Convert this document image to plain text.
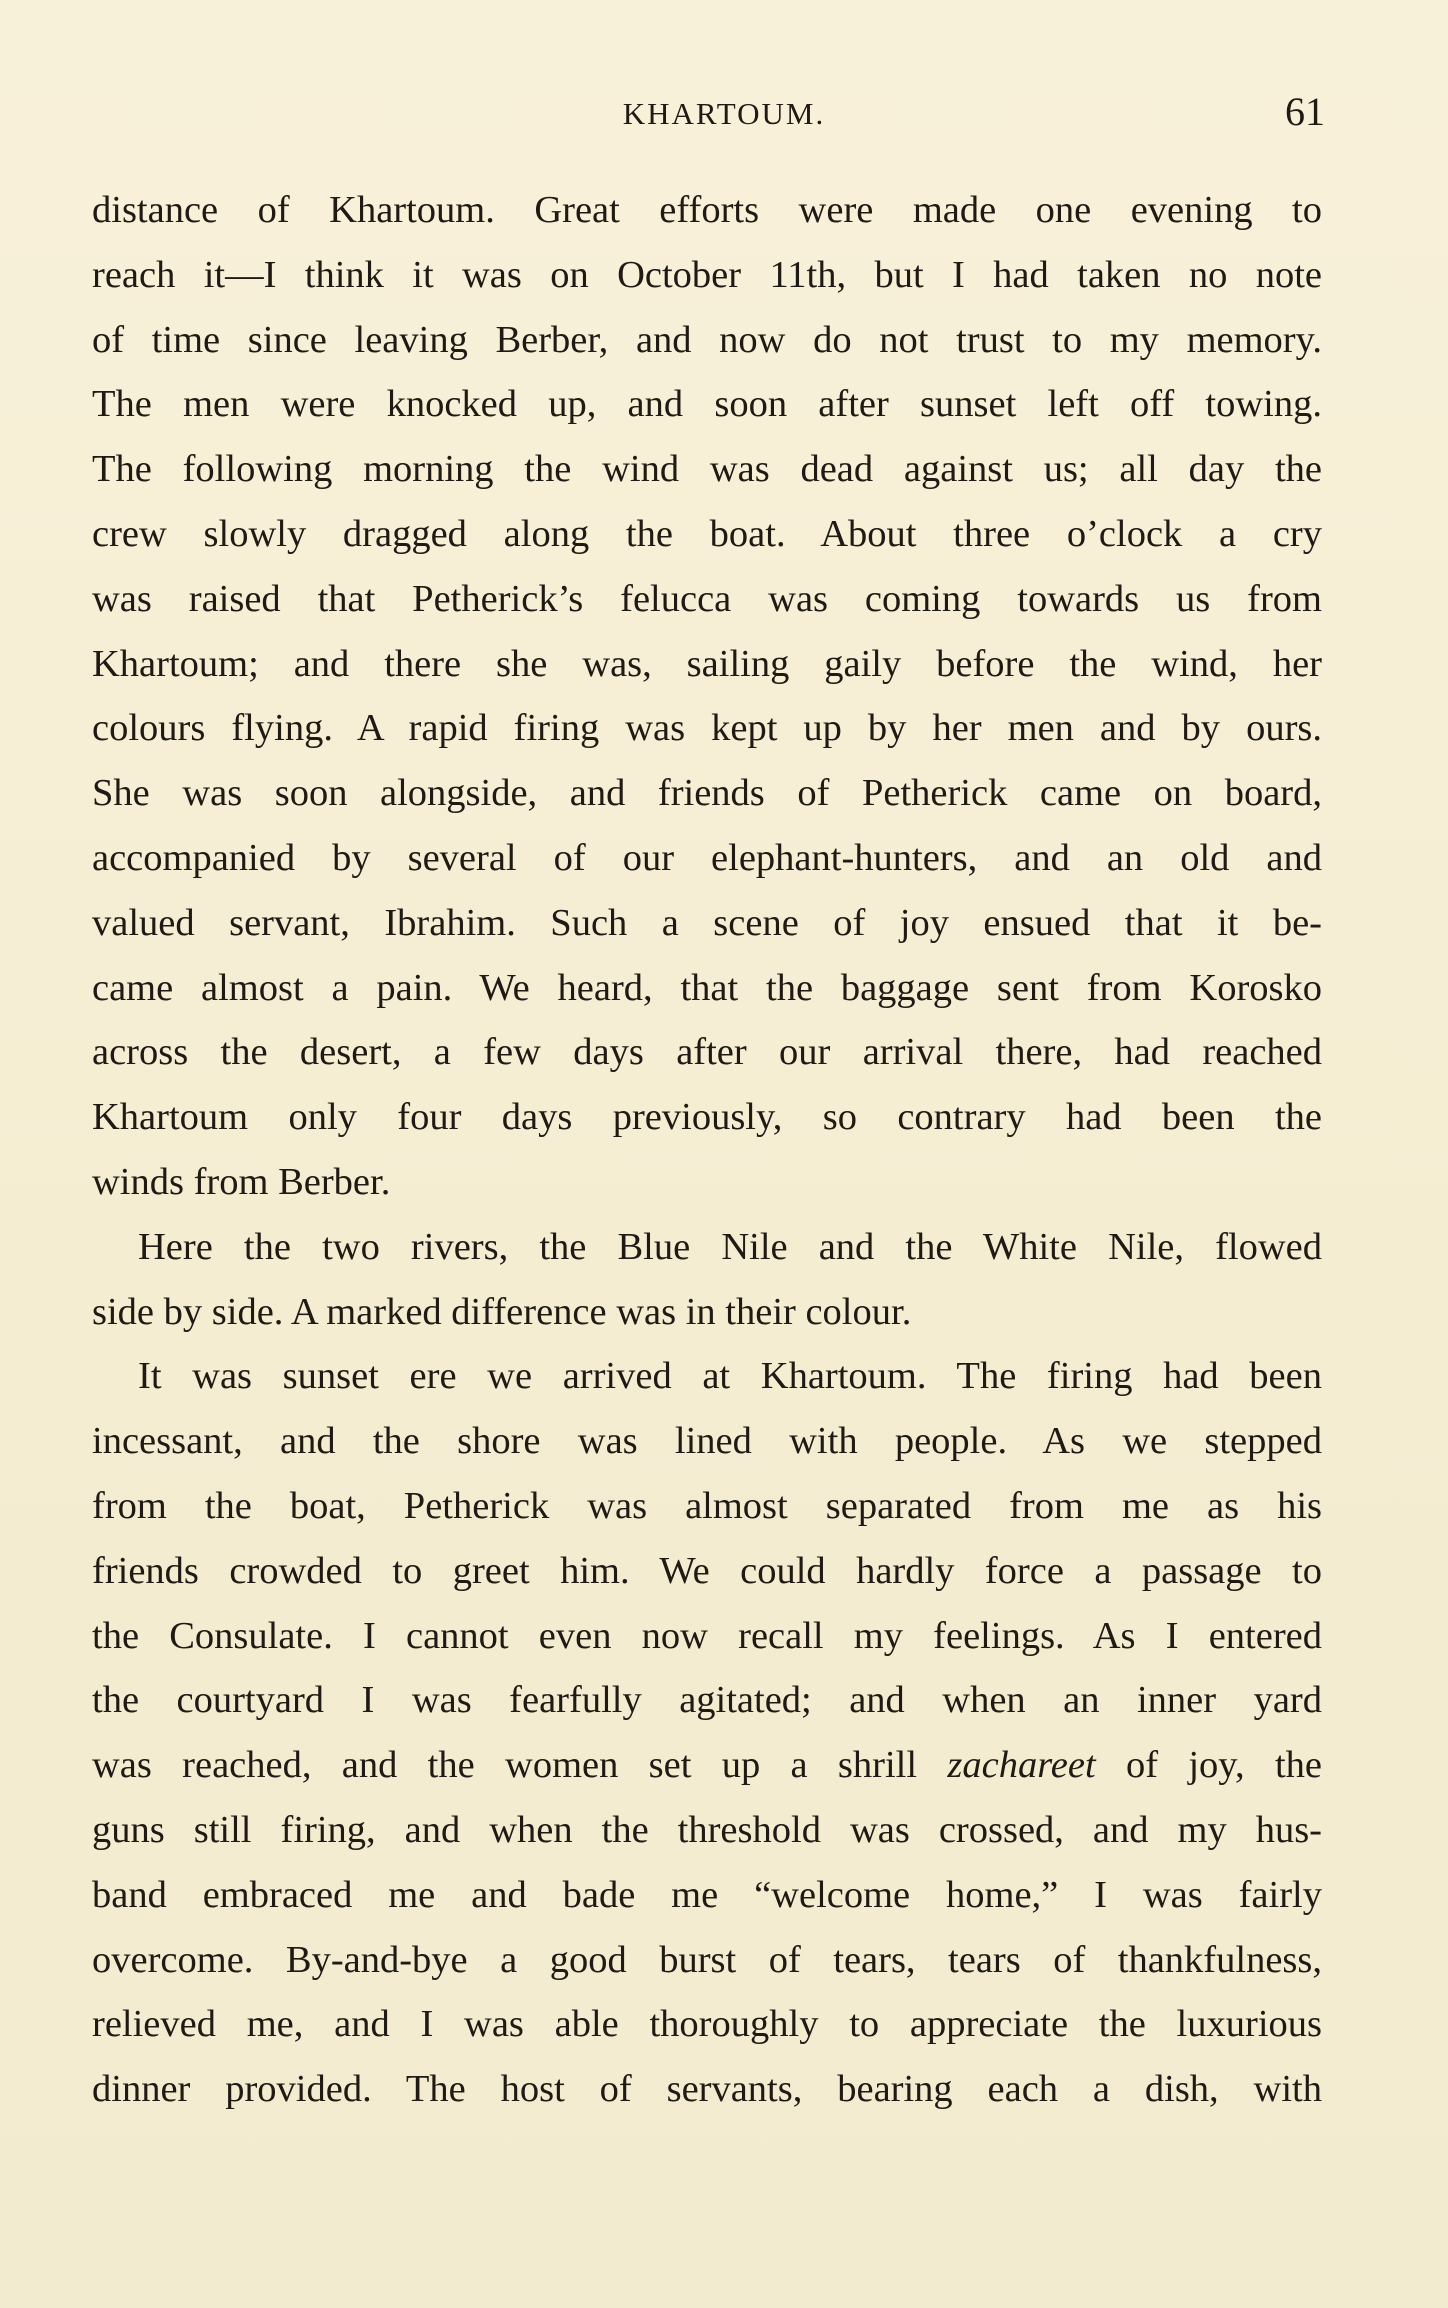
KHARTOUM.	61

distance of Khartoum. Great efforts were made one evening to
reach it—I think it was on October 11th, but I had taken no note
of time since leaving Berber, and now do not trust to my memory.
The men were knocked up, and soon after sunset left off towing.
The following morning the wind was dead against us; all day the
crew slowly dragged along the boat. About three o’clock a cry
was raised that Petherick’s felucca was coming towards us from
Khartoum; and there she was, sailing gaily before the wind, her
colours flying. A rapid firing was kept up by her men and by ours.
She was soon alongside, and friends of Petherick came on board,
accompanied by several of our elephant-hunters, and an old and
valued servant, Ibrahim. Such a scene of joy ensued that it be-
came almost a pain. We heard, that the baggage sent from Korosko
across the desert, a few days after our arrival there, had reached
Khartoum only four days previously, so contrary had been the
winds from Berber.

Here the two rivers, the Blue Nile and the White Nile, flowed
side by side. A marked difference was in their colour.

It was sunset ere we arrived at Khartoum. The firing had been
incessant, and the shore was lined with people. As we stepped
from the boat, Petherick was almost separated from me as his
friends crowded to greet him. We could hardly force a passage to
the Consulate. I cannot even now recall my feelings. As I entered
the courtyard I was fearfully agitated; and when an inner yard
was reached, and the women set up a shrill zachareet of joy, the
guns still firing, and when the threshold was crossed, and my hus-
band embraced me and bade me “welcome home,” I was fairly
overcome. By-and-bye a good burst of tears, tears of thankfulness,
relieved me, and I was able thoroughly to appreciate the luxurious
dinner provided. The host of servants, bearing each a dish, with
